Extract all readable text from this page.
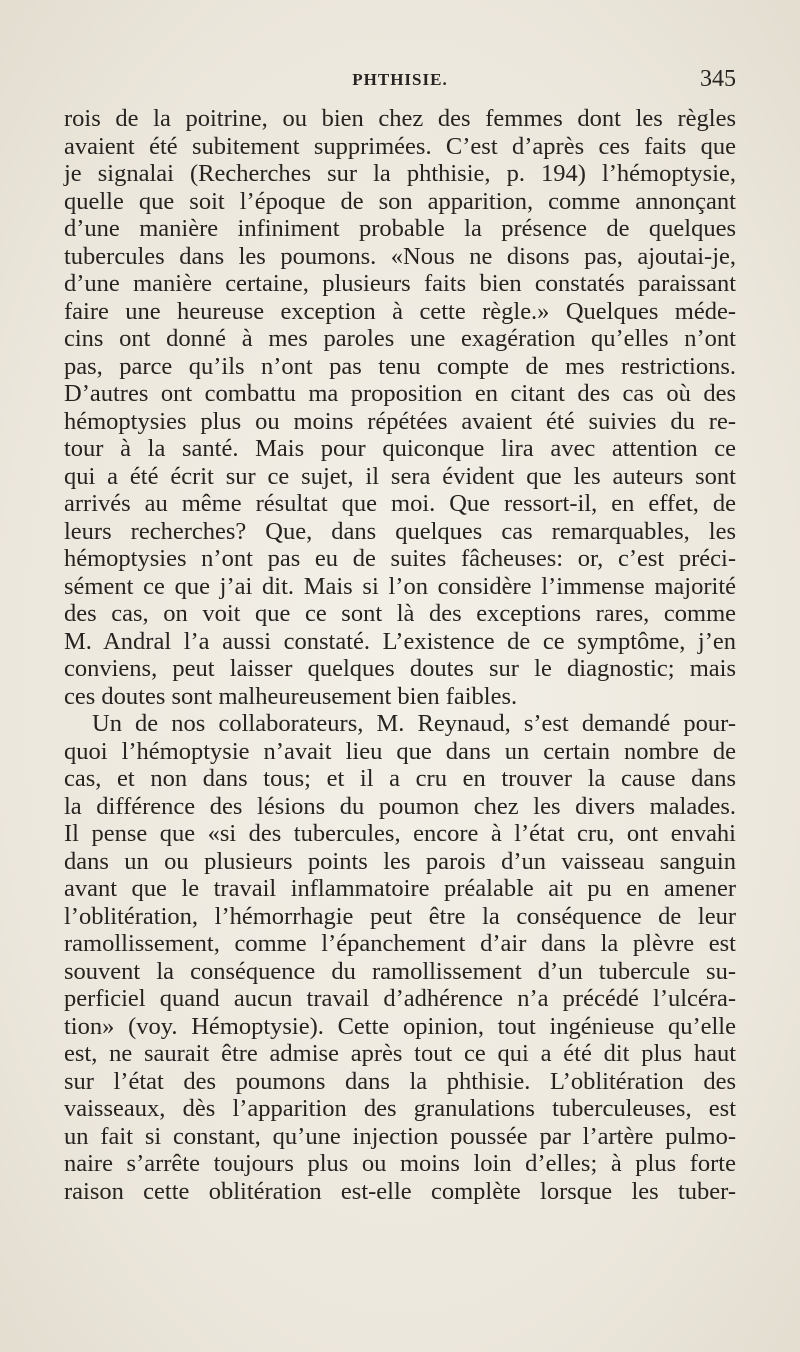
PHTHISIE.	345
rois de la poitrine, ou bien chez des femmes dont les règles
avaient été subitement supprimées. C’est d’après ces faits que
je signalai (Recherches sur la phthisie, p. 194) l’hémoptysie,
quelle que soit l’époque de son apparition, comme annonçant
d’une manière infiniment probable la présence de quelques
tubercules dans les poumons. «Nous ne disons pas, ajoutai-je,
d’une manière certaine, plusieurs faits bien constatés paraissant
faire une heureuse exception à cette règle.» Quelques méde-
cins ont donné à mes paroles une exagération qu’elles n’ont
pas, parce qu’ils n’ont pas tenu compte de mes restrictions.
D’autres ont combattu ma proposition en citant des cas où des
hémoptysies plus ou moins répétées avaient été suivies du re-
tour à la santé. Mais pour quiconque lira avec attention ce
qui a été écrit sur ce sujet, il sera évident que les auteurs sont
arrivés au même résultat que moi. Que ressort-il, en effet, de
leurs recherches? Que, dans quelques cas remarquables, les
hémoptysies n’ont pas eu de suites fâcheuses: or, c’est préci-
sément ce que j’ai dit. Mais si l’on considère l’immense majorité
des cas, on voit que ce sont là des exceptions rares, comme
M. Andral l’a aussi constaté. L’existence de ce symptôme, j’en
conviens, peut laisser quelques doutes sur le diagnostic; mais
ces doutes sont malheureusement bien faibles.
Un de nos collaborateurs, M. Reynaud, s’est demandé pour-
quoi l’hémoptysie n’avait lieu que dans un certain nombre de
cas, et non dans tous; et il a cru en trouver la cause dans
la différence des lésions du poumon chez les divers malades.
Il pense que «si des tubercules, encore à l’état cru, ont envahi
dans un ou plusieurs points les parois d’un vaisseau sanguin
avant que le travail inflammatoire préalable ait pu en amener
l’oblitération, l’hémorrhagie peut être la conséquence de leur
ramollissement, comme l’épanchement d’air dans la plèvre est
souvent la conséquence du ramollissement d’un tubercule su-
perficiel quand aucun travail d’adhérence n’a précédé l’ulcéra-
tion» (voy. Hémoptysie). Cette opinion, tout ingénieuse qu’elle
est, ne saurait être admise après tout ce qui a été dit plus haut
sur l’état des poumons dans la phthisie. L’oblitération des
vaisseaux, dès l’apparition des granulations tuberculeuses, est
un fait si constant, qu’une injection poussée par l’artère pulmo-
naire s’arrête toujours plus ou moins loin d’elles; à plus forte
raison cette oblitération est-elle complète lorsque les tuber-
